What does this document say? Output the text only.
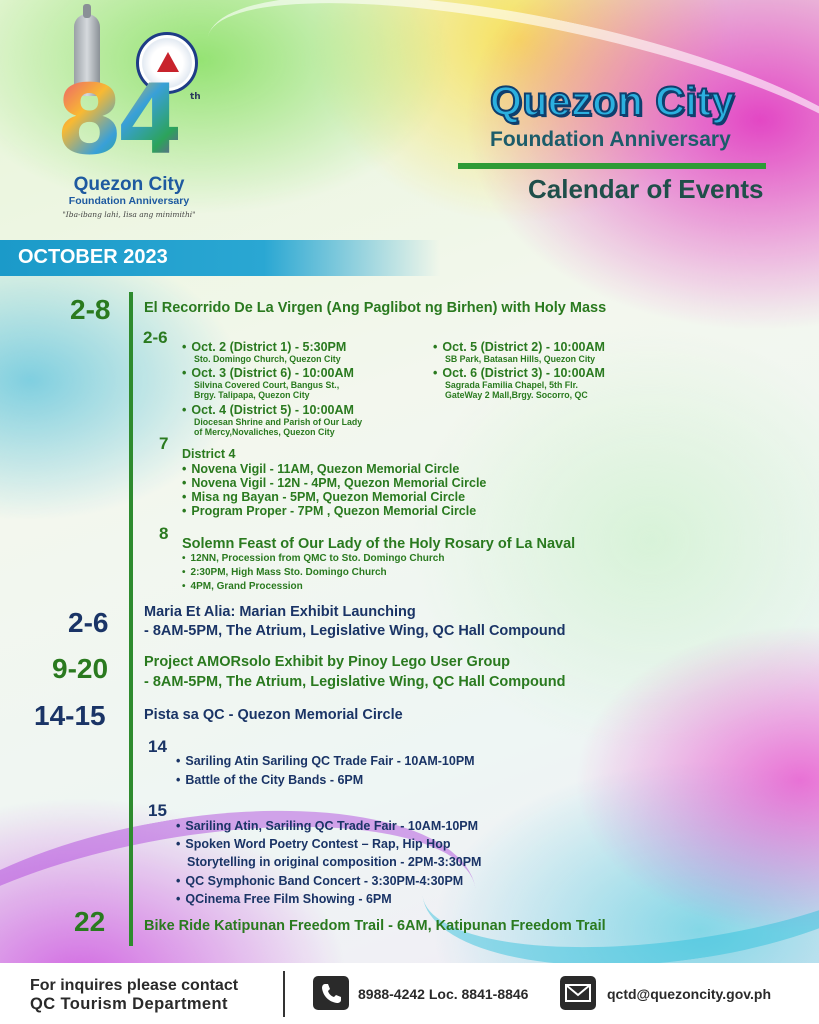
84 th
Quezon City
Foundation Anniversary
"Iba-ibang lahi, Iisa ang minimithi"
Quezon City
Foundation Anniversary
Calendar of Events
OCTOBER 2023
2-8 El Recorrido De La Virgen (Ang Paglibot ng Birhen) with Holy Mass
2-6
•	Oct. 2 (District 1) - 5:30PM
Sto. Domingo Church, Quezon City
• Oct. 3 (District 6) - 10:00AM
Silvina Covered Court, Bangus St.,
Brgy. Talipapa, Quezon City
• Oct. 4 (District 5) - 10:00AM
Diocesan Shrine and Parish of Our Lady
of Mercy,Novaliches, Quezon City
• Oct. 5 (District 2) - 10:00AM
SB Park, Batasan Hills, Quezon City
• Oct. 6 (District 3) - 10:00AM
Sagrada Familia Chapel, 5th Flr.
GateWay 2 Mall,Brgy. Socorro, QC
7
District 4
• Novena Vigil - 11AM, Quezon Memorial Circle
• Novena Vigil - 12N - 4PM, Quezon Memorial Circle
• Misa ng Bayan - 5PM, Quezon Memorial Circle
• Program Proper - 7PM , Quezon Memorial Circle
8
Solemn Feast of Our Lady of the Holy Rosary of La Naval
• 12NN, Procession from QMC to Sto. Domingo Church
• 2:30PM, High Mass Sto. Domingo Church
• 4PM, Grand Procession
2-6 Maria Et Alia: Marian Exhibit Launching
- 8AM-5PM, The Atrium, Legislative Wing, QC Hall Compound
9-20 Project AMORsolo Exhibit by Pinoy Lego User Group
- 8AM-5PM, The Atrium, Legislative Wing, QC Hall Compound
14-15	Pista sa QC - Quezon Memorial Circle
14
• Sariling Atin Sariling QC Trade Fair - 10AM-10PM
• Battle of the City Bands - 6PM
15
• Sariling Atin, Sariling QC Trade Fair - 10AM-10PM
• Spoken Word Poetry Contest – Rap, Hip Hop
Storytelling in original composition - 2PM-3:30PM
• QC Symphonic Band Concert - 3:30PM-4:30PM
• QCinema Free Film Showing - 6PM
22	Bike Ride Katipunan Freedom Trail - 6AM, Katipunan Freedom Trail
For inquires please contact
QC Tourism Department
8988-4242 Loc. 8841-8846	qctd@quezoncity.gov.ph
